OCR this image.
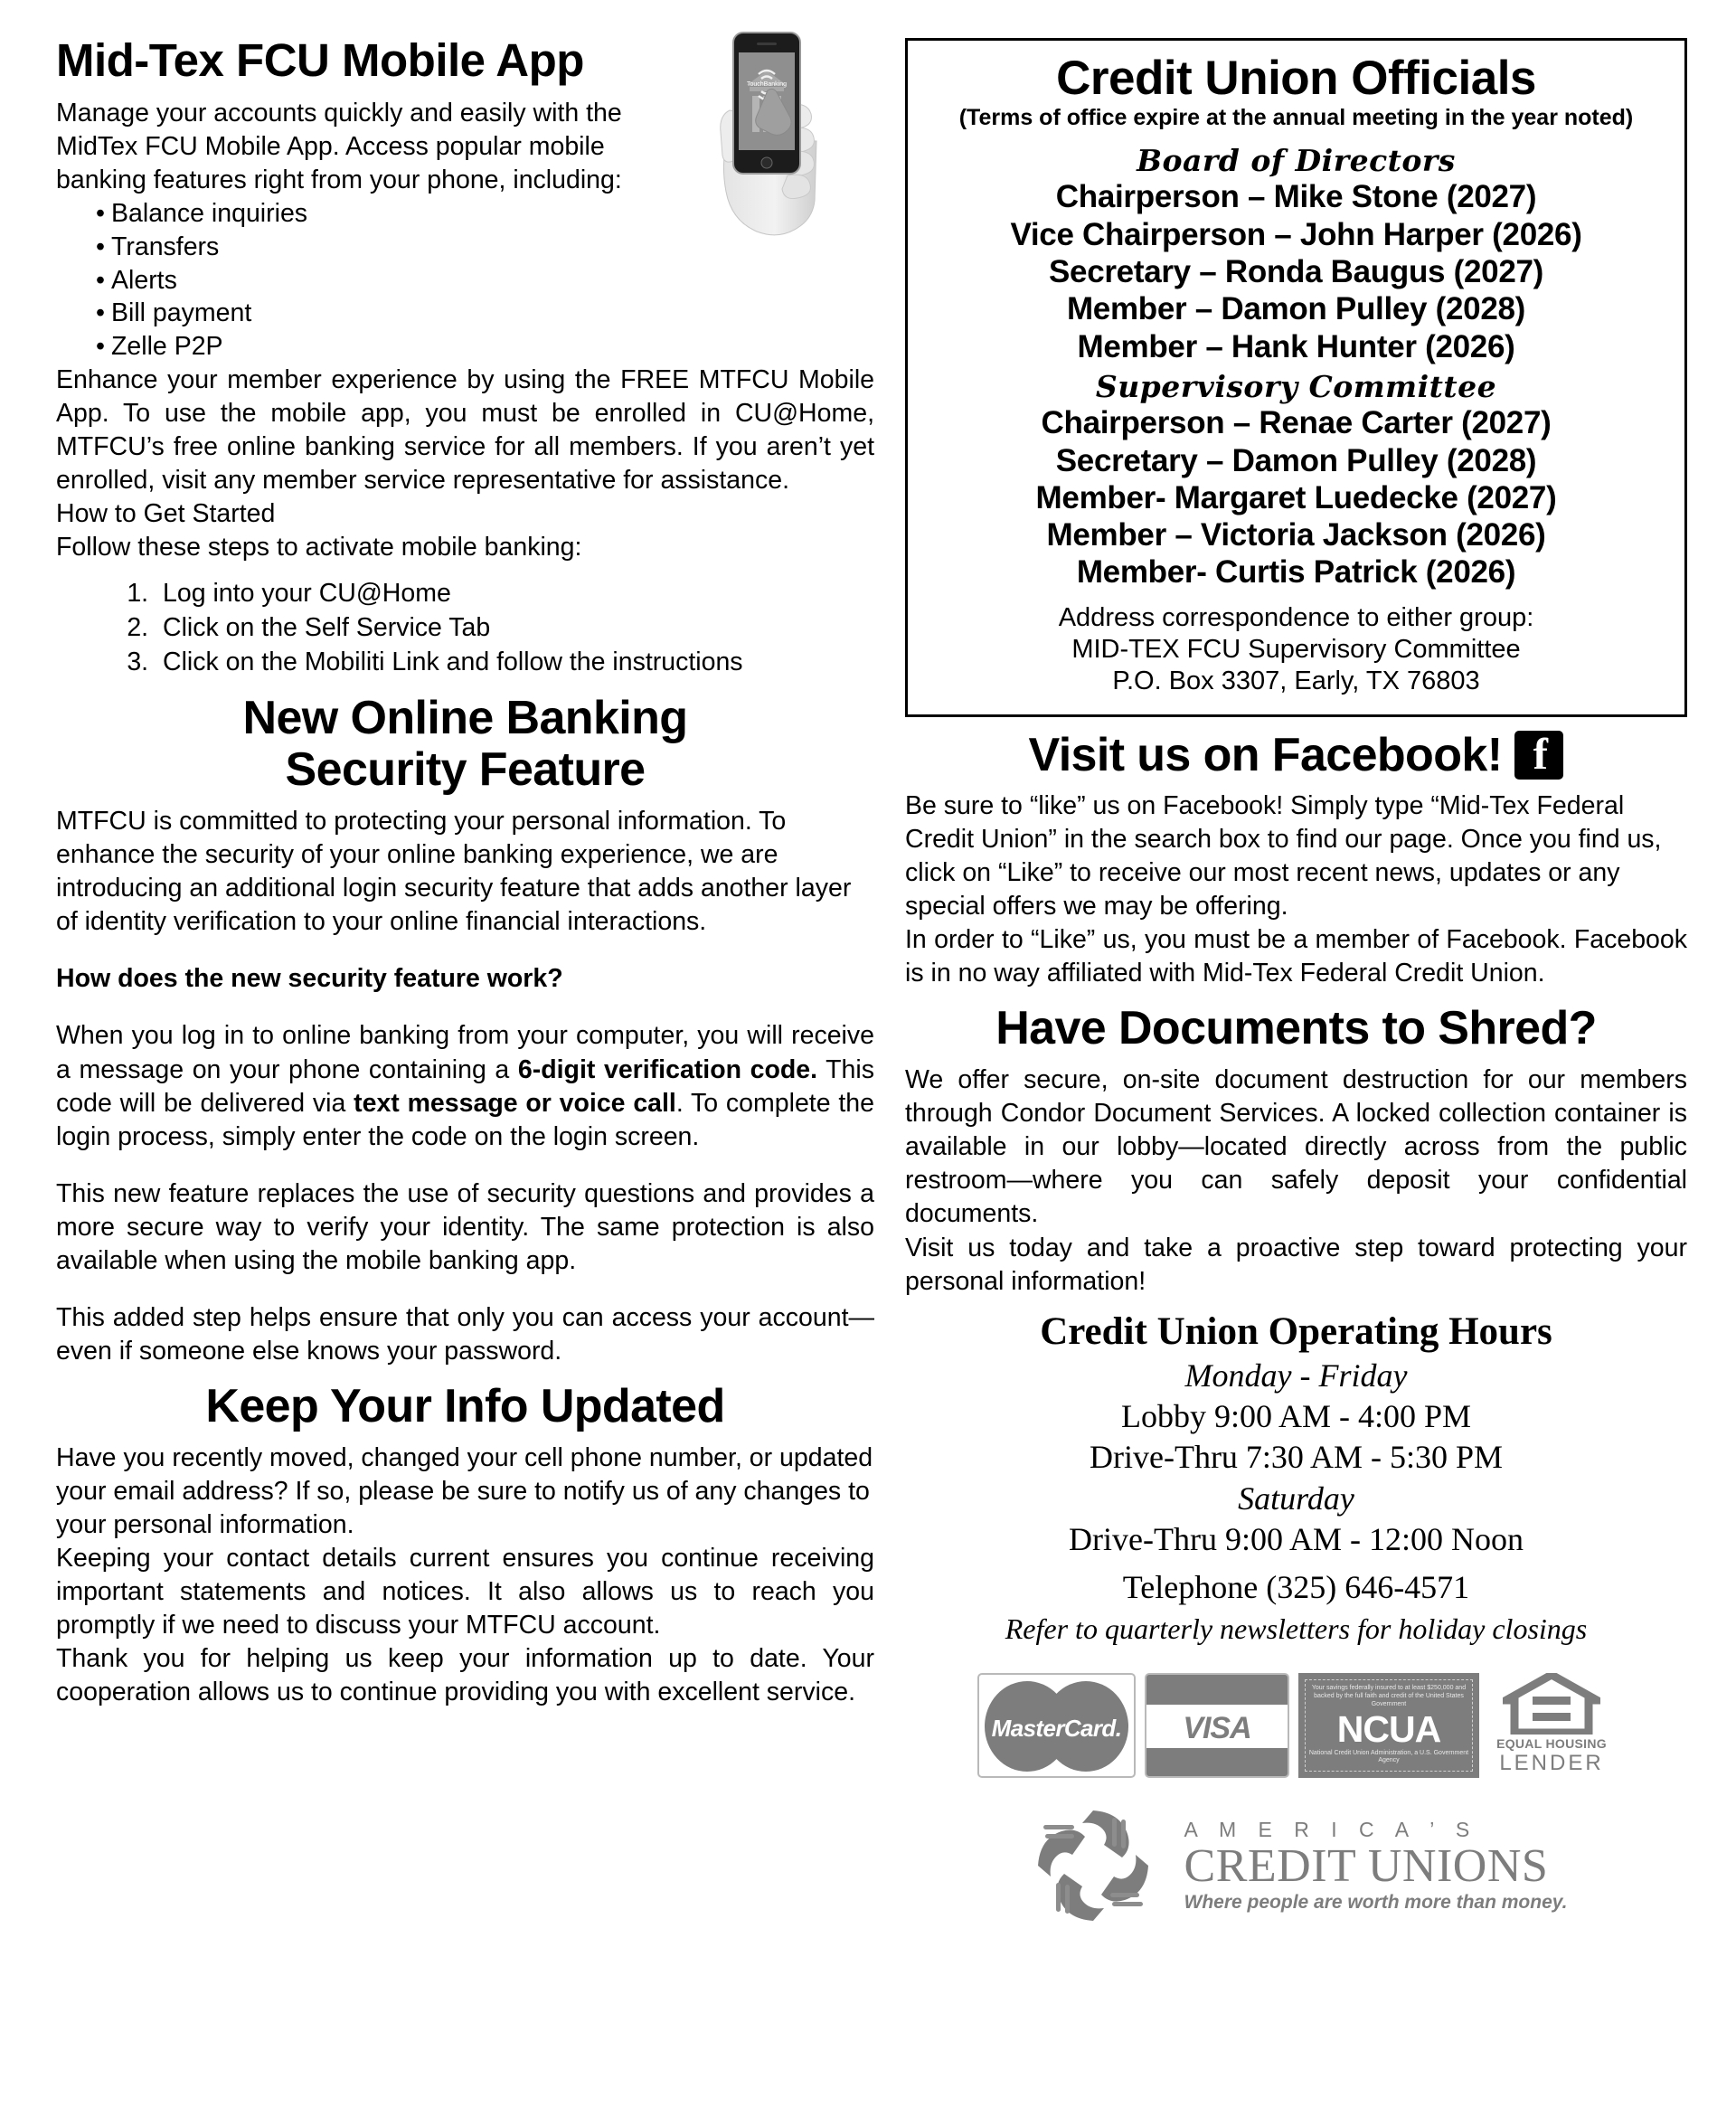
Mid-Tex FCU Mobile App	TouchBanking

Manage your accounts quickly and easily with the MidTex FCU Mobile App. Access popular mobile banking features right from your phone, including:

• Balance inquiries
• Transfers
• Alerts
• Bill payment
• Zelle P2P

Enhance your member experience by using the FREE MTFCU Mobile App. To use the mobile app, you must be enrolled in CU@Home, MTFCU’s free online banking service for all members. If you aren’t yet enrolled, visit any member service representative for assistance.

How to Get Started

Follow these steps to activate mobile banking:

1. Log into your CU@Home
2. Click on the Self Service Tab
3. Click on the Mobiliti Link and follow the instructions
New Online Banking
Security Feature

MTFCU is committed to protecting your personal information. To enhance the security of your online banking experience, we are introducing an additional login security feature that adds another layer of identity verification to your online financial interactions.

How does the new security feature work?

When you log in to online banking from your computer, you will receive a message on your phone containing a 6-digit verification code. This code will be delivered via text message or voice call. To complete the login process, simply enter the code on the login screen.

This new feature replaces the use of security questions and provides a more secure way to verify your identity. The same protection is also available when using the mobile banking app.

This added step helps ensure that only you can access your account—even if someone else knows your password.

Keep Your Info Updated

Have you recently moved, changed your cell phone number, or updated your email address? If so, please be sure to notify us of any changes to your personal information.

Keeping your contact details current ensures you continue receiving important statements and notices. It also allows us to reach you promptly if we need to discuss your MTFCU account.

Thank you for helping us keep your information up to date. Your cooperation allows us to continue providing you with excellent service.

Credit Union Officials
(Terms of office expire at the annual meeting in the year noted)
Board of Directors
Chairperson – Mike Stone (2027)
Vice Chairperson – John Harper (2026)
Secretary – Ronda Baugus (2027)
Member – Damon Pulley (2028)
Member – Hank Hunter (2026)
Supervisory Committee
Chairperson – Renae Carter (2027)
Secretary – Damon Pulley (2028)
Member- Margaret Luedecke (2027)
Member – Victoria Jackson (2026)
Member- Curtis Patrick (2026)
Address correspondence to either group:
MID-TEX FCU Supervisory Committee
P.O. Box 3307, Early, TX 76803
Visit us on Facebook!
f

Be sure to “like” us on Facebook! Simply type “Mid-Tex Federal Credit Union” in the search box to find our page. Once you find us, click on “Like” to receive our most recent news, updates or any special offers we may be offering.

In order to “Like” us, you must be a member of Facebook. Facebook is in no way affiliated with Mid-Tex Federal Credit Union.

Have Documents to Shred?

We offer secure, on-site document destruction for our members through Condor Document Services. A locked collection container is available in our lobby—located directly across from the public restroom—where you can safely deposit your confidential documents.

Visit us today and take a proactive step toward protecting your personal information!

Credit Union Operating Hours
Monday - Friday
Lobby 9:00 AM - 4:00 PM
Drive-Thru 7:30 AM - 5:30 PM
Saturday
Drive-Thru 9:00 AM - 12:00 Noon
Telephone (325) 646-4571
Refer to quarterly newsletters for holiday closings
MasterCard.	VISA
Your savings federally insured to at least $250,000 and backed by the full faith and credit of the United States Government
NCUA
National Credit Union Administration, a U.S. Government Agency
EQUAL HOUSING
LENDER
A M E R I C A ’ S
CREDIT UNIONS
Where people are worth more than money.
